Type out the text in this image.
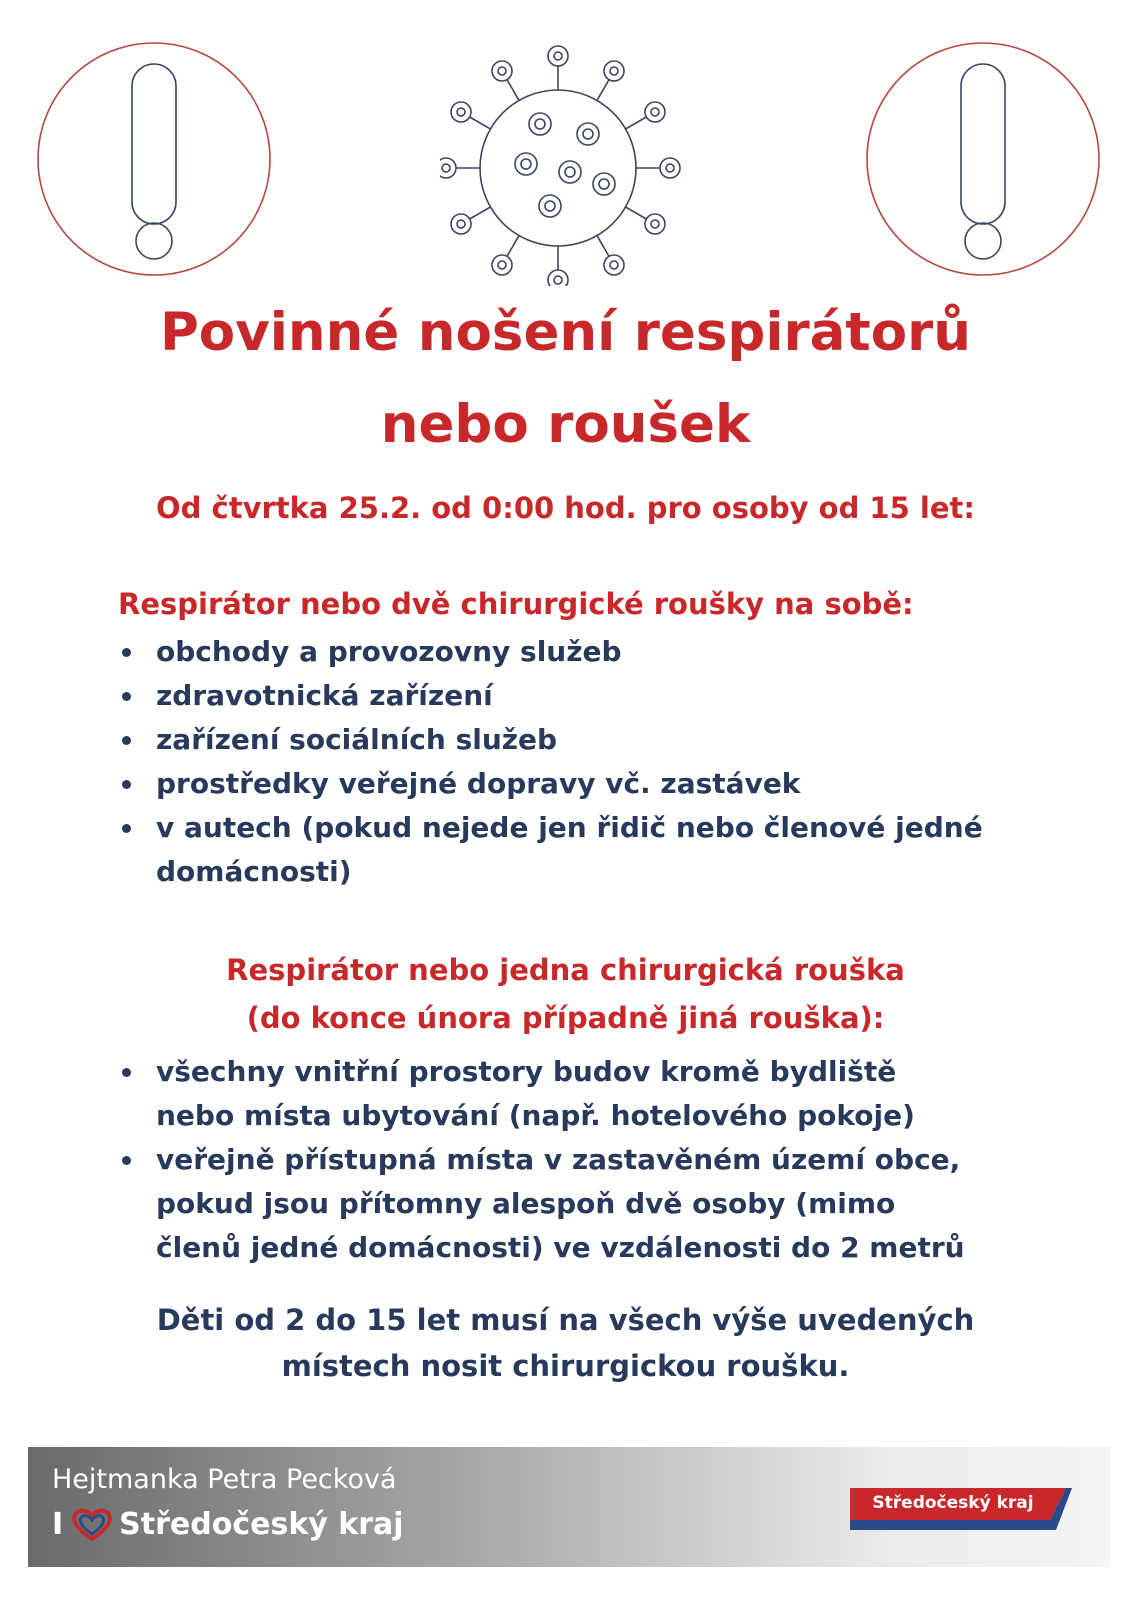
Povinné nošení respirátorů
nebo roušek

Od čtvrtka 25.2. od 0:00 hod. pro osoby od 15 let:

Respirátor nebo dvě chirurgické roušky na sobě:

obchody a provozovny služeb
zdravotnická zařízení
zařízení sociálních služeb
prostředky veřejné dopravy vč. zastávek
v autech (pokud nejede jen řidič nebo členové jedné
domácnosti)

Respirátor nebo jedna chirurgická rouška

(do konce února případně jiná rouška):

všechny vnitřní prostory budov kromě bydliště
nebo místa ubytování (např. hotelového pokoje)
veřejně přístupná místa v zastavěném území obce,
pokud jsou přítomny alespoň dvě osoby (mimo
členů jedné domácnosti) ve vzdálenosti do 2 metrů

Děti od 2 do 15 let musí na všech výše uvedených

místech nosit chirurgickou roušku.

Hejtmanka Petra Pecková
I Středočeský kraj
Středočeský kraj
